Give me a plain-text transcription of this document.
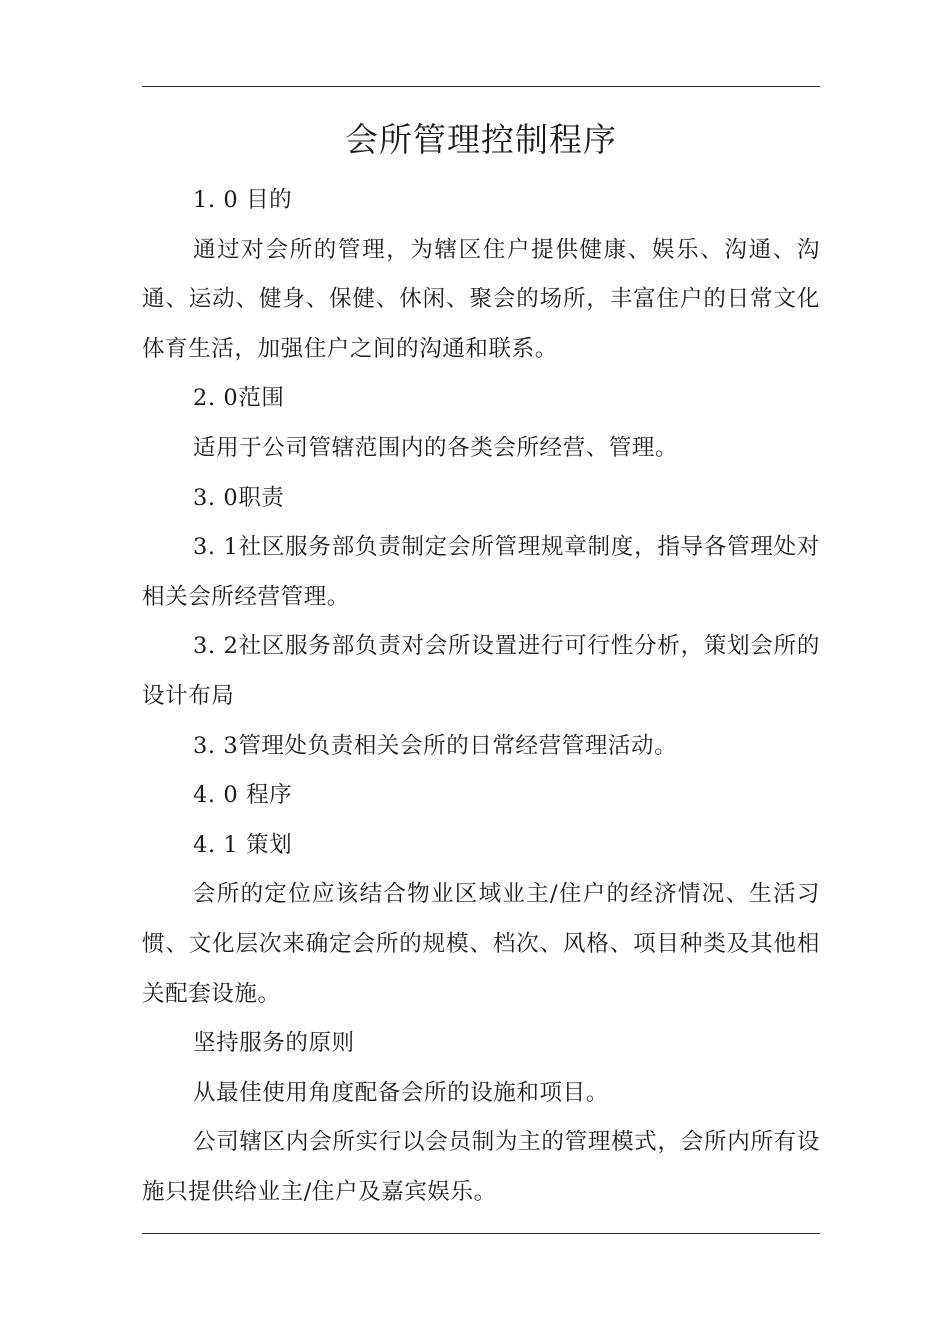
会所管理控制程序

1. 0 目的

通过对会所的管理，为辖区住户提供健康、娱乐、沟通、沟通、运动、健身、保健、休闲、聚会的场所，丰富住户的日常文化体育生活，加强住户之间的沟通和联系。

2. 0范围

适用于公司管辖范围内的各类会所经营、管理。

3. 0职责

3. 1社区服务部负责制定会所管理规章制度，指导各管理处对相关会所经营管理。

3. 2社区服务部负责对会所设置进行可行性分析，策划会所的设计布局

3. 3管理处负责相关会所的日常经营管理活动。

4. 0 程序

4. 1 策划

会所的定位应该结合物业区域业主/住户的经济情况、生活习惯、文化层次来确定会所的规模、档次、风格、项目种类及其他相关配套设施。

坚持服务的原则

从最佳使用角度配备会所的设施和项目。

公司辖区内会所实行以会员制为主的管理模式，会所内所有设施只提供给业主/住户及嘉宾娱乐。
